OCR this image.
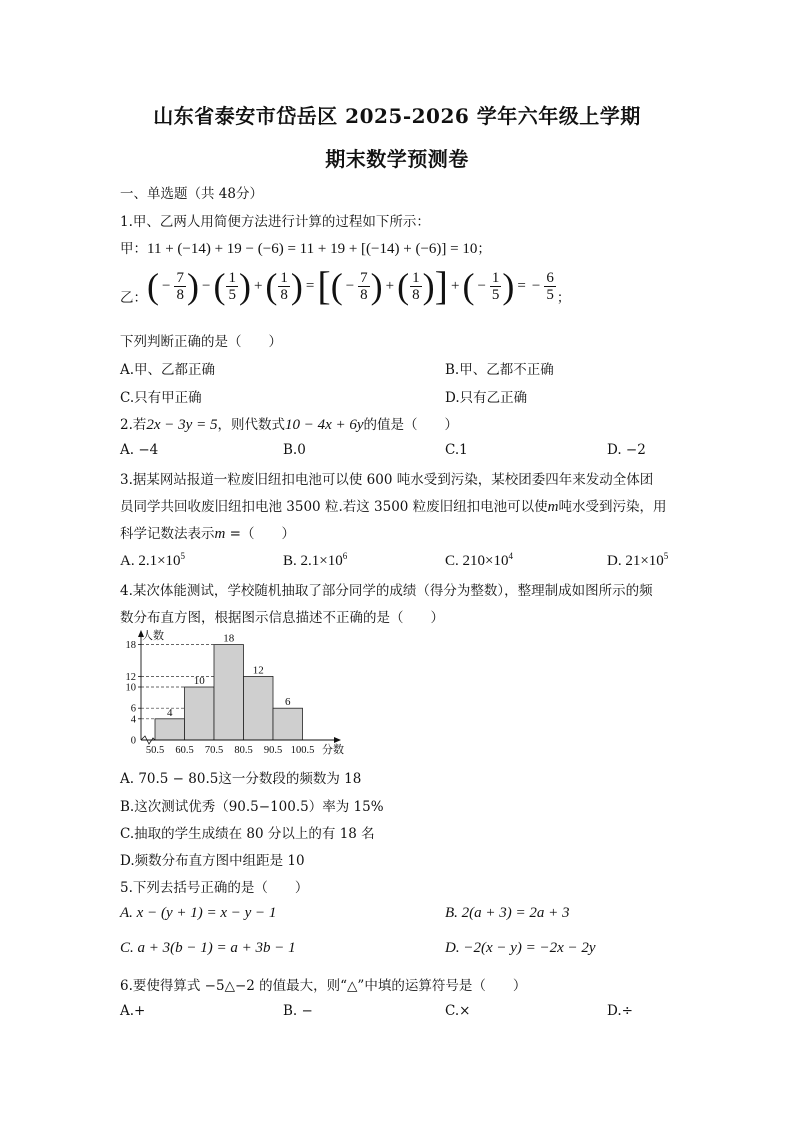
山东省泰安市岱岳区 2025-2026 学年六年级上学期
期末数学预测卷
一、单选题（共 48分）
1.甲、乙两人用简便方法进行计算的过程如下所示：
甲：11 + (−14) + 19 − (−6) = 11 + 19 + [(−14) + (−6)] = 10；
乙：( − $\frac{7}{8}$ ) −( $\frac{1}{5}$ ) +( $\frac{1}{8}$ ) =[( − $\frac{7}{8}$ ) +( $\frac{1}{8}$ )] +( − $\frac{1}{5}$ ) = − $\frac{6}{5}$ ；
下列判断正确的是（　　）
A.甲、乙都正确	B.甲、乙都不正确
C.只有甲正确	D.只有乙正确
2.若2x − 3y = 5，则代数式10 − 4x + 6y的值是（　　）
A. −4	B.0	C.1	D. −2
3.据某网站报道一粒废旧纽扣电池可以使 600 吨水受到污染，某校团委四年来发动全体团
员同学共回收废旧纽扣电池 3500 粒.若这 3500 粒废旧纽扣电池可以使m吨水受到污染，用
科学记数法表示m =（　　）
A. $2.1\times 10^5$	B. $2.1\times 10^6$	C. $210\times 10^4$	D. $21\times 10^5$
4.某次体能测试，学校随机抽取了部分同学的成绩（得分为整数），整理制成如图所示的频
数分布直方图，根据图示信息描述不正确的是（　　）
4
10
18
12
6
0
4
6
10
12
18
50.5 60.5 70.5 80.5 90.5 100.5
人数
分数
A. 70.5 − 80.5这一分数段的频数为 18
B.这次测试优秀（90.5−100.5）率为 15%
C.抽取的学生成绩在 80 分以上的有 18 名
D.频数分布直方图中组距是 10
5.下列去括号正确的是（　　）
A. x − (y + 1) = x − y − 1	B. 2(a + 3) = 2a + 3
C. a + 3(b − 1) = a + 3b − 1	D. −2(x − y) = −2x − 2y
6.要使得算式 −5△−2 的值最大，则“△”中填的运算符号是（　　）
A.+	B. −	C.×	D.÷
